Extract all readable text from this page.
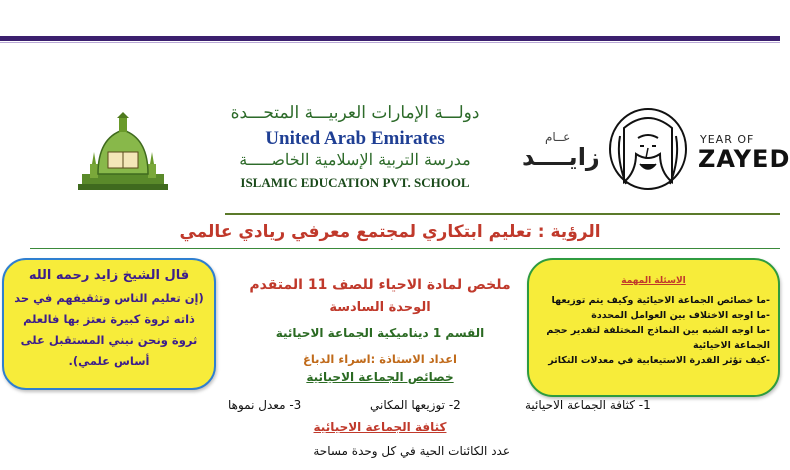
دولـــة الإمارات العربيـــة المتحـــدة
United Arab Emirates
مدرسة التربية الإسلامية الخاصـــــة
ISLAMIC EDUCATION PVT. SCHOOL
عــام
زايــــد
YEAR OF
ZAYED
الرؤية : تعليم ابتكاري لمجتمع معرفي ريادي عالمي
قال الشيخ زايد رحمه الله
(إن تعليم الناس وتثقيفهم في حد ذاته ثروة كبيرة نعتز بها فالعلم ثروة ونحن نبني المستقبل على أساس علمي).
الاسئلة المهمة
-ما خصائص الجماعة الاحيائية وكيف يتم توزيعها
-ما اوجه الاختلاف بين العوامل المحددة
-ما اوجه الشبه بين النماذج المختلفة لتقدير حجم الجماعة الاحيائية
-كيف تؤثر القدرة الاستيعابية في معدلات التكاثر
ملخص لمادة الاحياء للصف 11 المتقدم
الوحدة السادسة
القسم 1 ديناميكية الجماعة الاحيائية
اعداد الاستاذة :اسراء الدباغ
خصائص الجماعة الاحيائية
1- كثافة الجماعة الاحيائية
2- توزيعها المكاني
3- معدل نموها
كثافة الجماعة الاحيائية
عدد الكائنات الحية في كل وحدة مساحة
